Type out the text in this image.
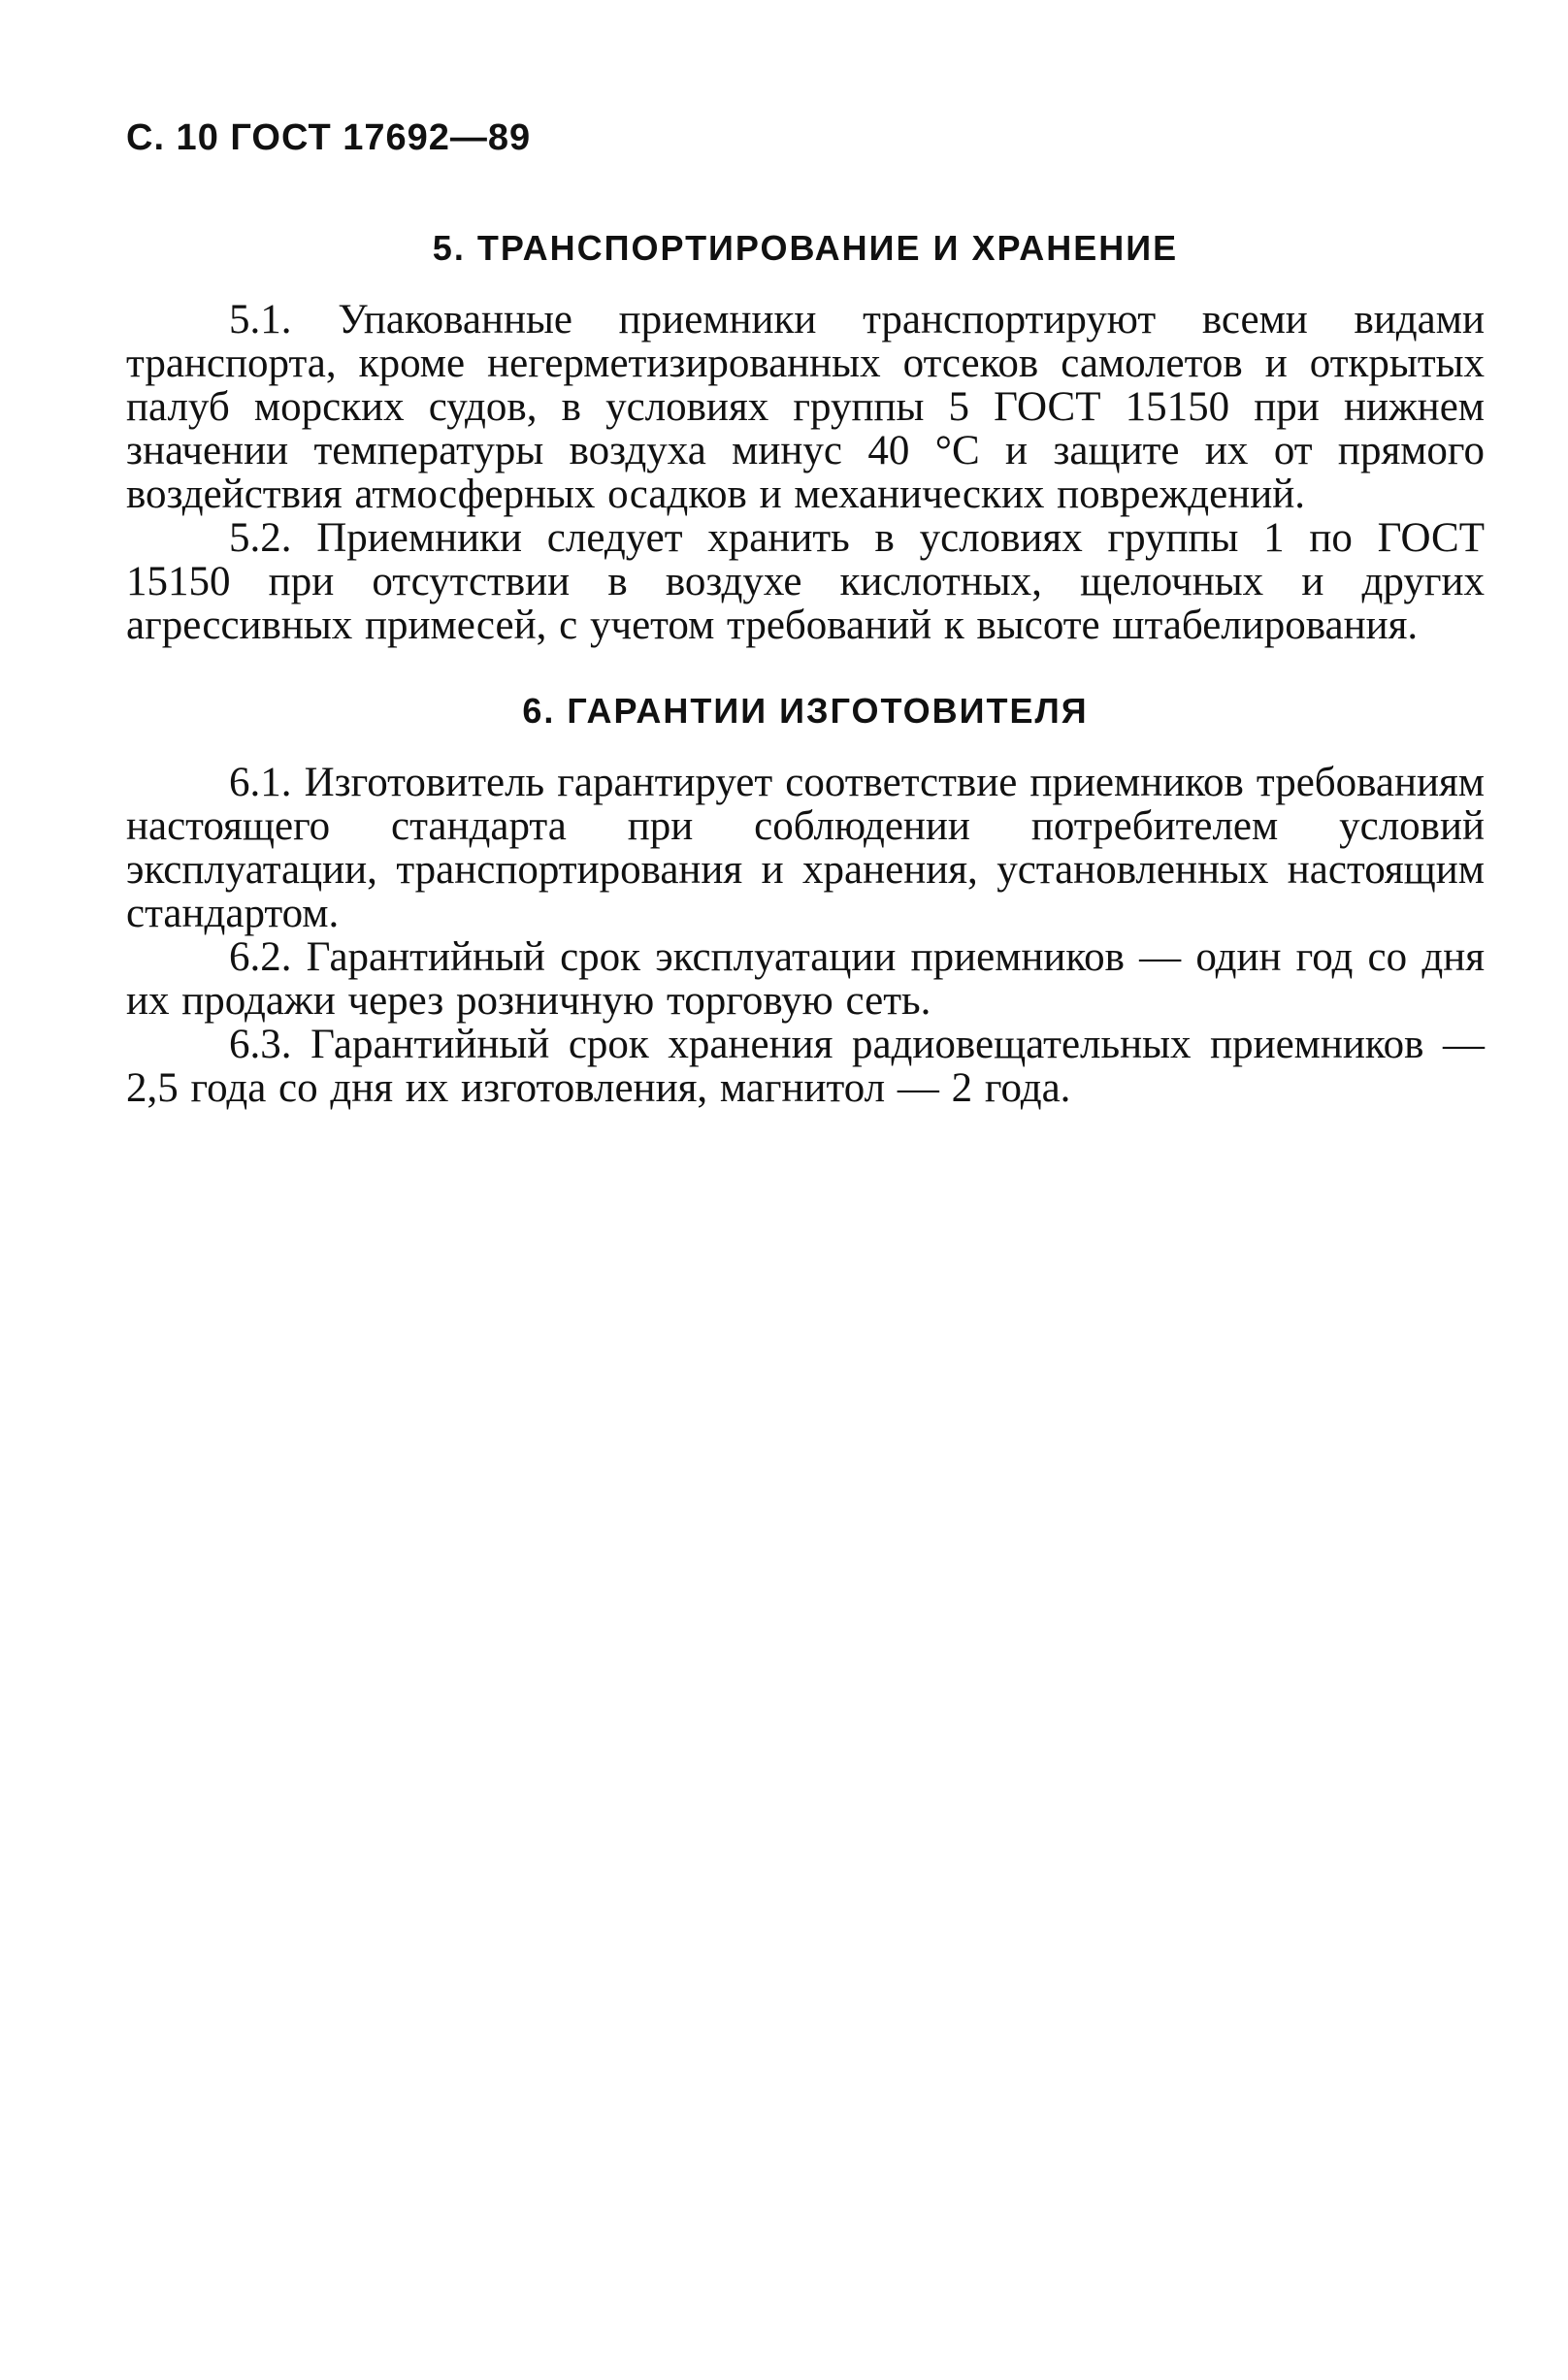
С. 10 ГОСТ 17692—89
5. ТРАНСПОРТИРОВАНИЕ И ХРАНЕНИЕ

5.1. Упакованные приемники транспортируют всеми видами транспорта, кроме негерметизированных отсеков самолетов и открытых палуб морских судов, в условиях группы 5 ГОСТ 15150 при нижнем значении температуры воздуха минус 40 °С и защите их от прямого воздействия атмосферных осадков и механических повреждений.

5.2. Приемники следует хранить в условиях группы 1 по ГОСТ 15150 при отсутствии в воздухе кислотных, щелочных и других агрессивных примесей, с учетом требований к высоте штабелирования.

6. ГАРАНТИИ ИЗГОТОВИТЕЛЯ

6.1. Изготовитель гарантирует соответствие приемников требованиям настоящего стандарта при соблюдении потребителем условий эксплуатации, транспортирования и хранения, установленных настоящим стандартом.

6.2. Гарантийный срок эксплуатации приемников — один год со дня их продажи через розничную торговую сеть.

6.3. Гарантийный срок хранения радиовещательных приемников — 2,5 года со дня их изготовления, магнитол — 2 года.
